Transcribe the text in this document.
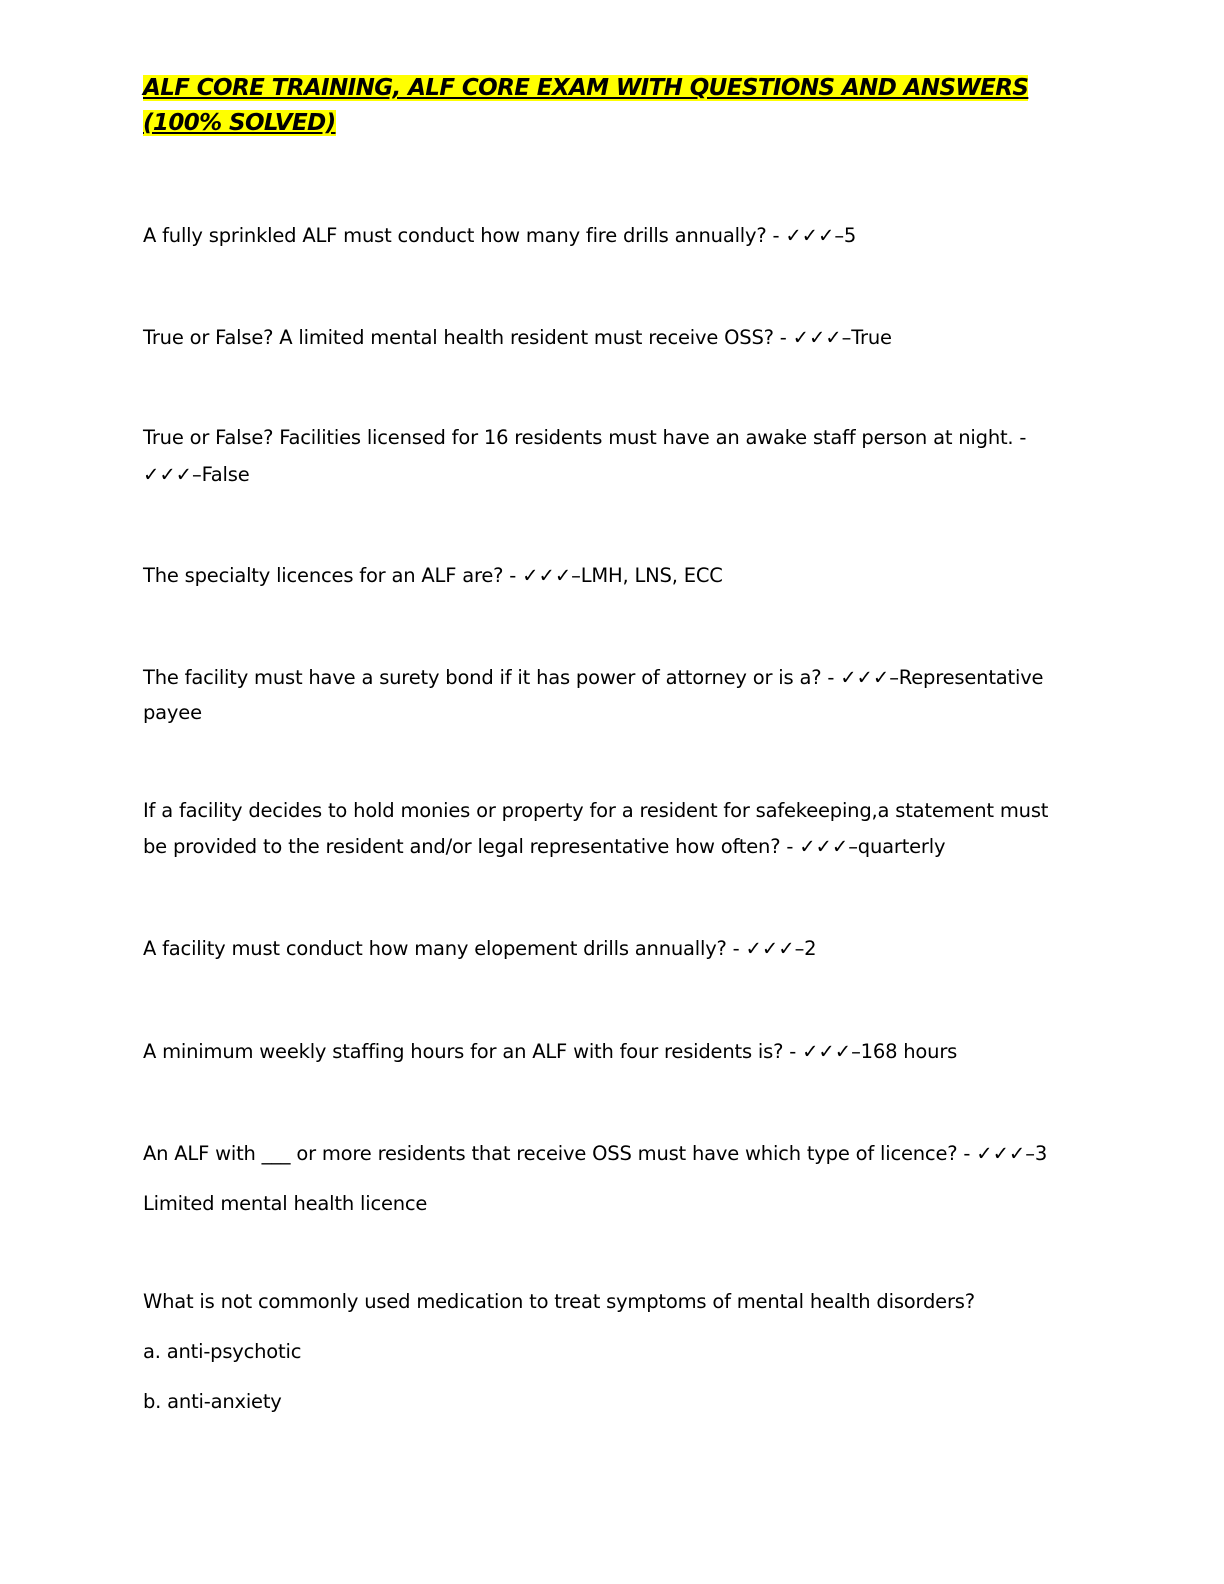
ALF CORE TRAINING, ALF CORE EXAM WITH QUESTIONS AND ANSWERS (100% SOLVED)
A fully sprinkled ALF must conduct how many fire drills annually? - ✓✓✓–5
True or False? A limited mental health resident must receive OSS? - ✓✓✓–True
True or False? Facilities licensed for 16 residents must have an awake staff person at night. -
✓✓✓–False
The specialty licences for an ALF are? - ✓✓✓–LMH, LNS, ECC
The facility must have a surety bond if it has power of attorney or is a? - ✓✓✓–Representative payee
If a facility decides to hold monies or property for a resident for safekeeping,a statement must be provided to the resident and/or legal representative how often? - ✓✓✓–quarterly
A facility must conduct how many elopement drills annually? - ✓✓✓–2
A minimum weekly staffing hours for an ALF with four residents is? - ✓✓✓–168 hours
An ALF with ___ or more residents that receive OSS must have which type of licence? - ✓✓✓–3
Limited mental health licence

What is not commonly used medication to treat symptoms of mental health disorders?

a. anti-psychotic

b. anti-anxiety
